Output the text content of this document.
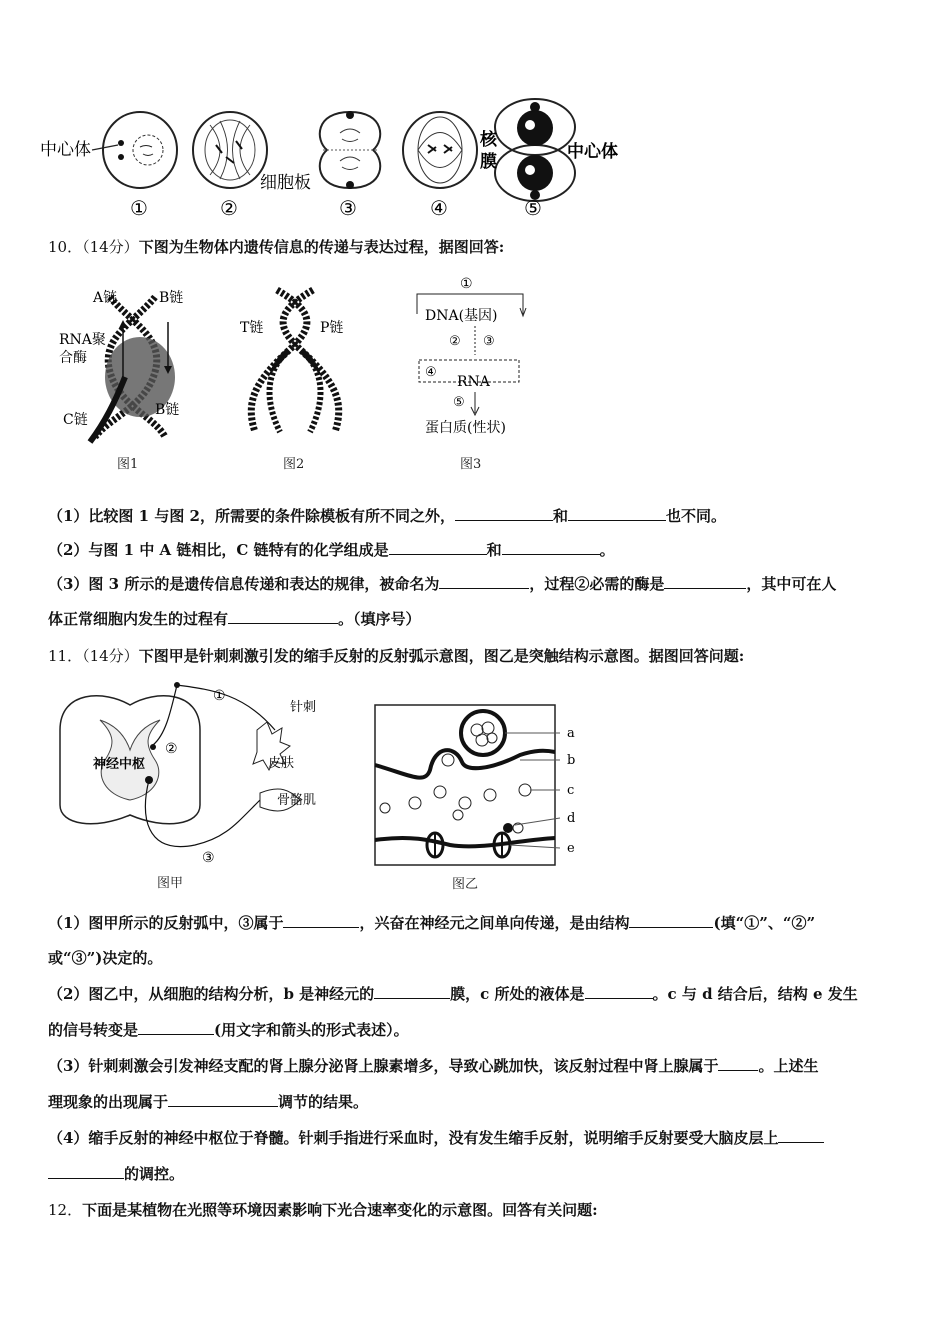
中心体
细胞板
核
膜	中心体
①	②	③	④	⑤
10．（14分）下图为生物体内遗传信息的传递与表达过程，据图回答:
A链	B链
RNA聚
合酶
C链
B链
图1
T链	P链
图2
①
DNA(基因)
② ③
④
RNA
⑤
蛋白质(性状)
图3
（1）比较图 1 与图 2，所需要的条件除模板有所不同之外，	和	也不同。
（2）与图 1 中 A 链相比，C 链特有的化学组成是	和	。
（3）图 3 所示的是遗传信息传递和表达的规律，被命名为	，过程②必需的酶是	，其中可在人
体正常细胞内发生的过程有	。（填序号）
11．（14分）下图甲是针刺刺激引发的缩手反射的反射弧示意图，图乙是突触结构示意图。据图回答问题:
①
②
③
神经中枢
针刺
皮肤
骨骼肌
图甲
a
b
c
d
e
图乙
（1）图甲所示的反射弧中，③属于	，兴奋在神经元之间单向传递，是由结构	(填“①”、“②”
或“③”)决定的。
（2）图乙中，从细胞的结构分析，b 是神经元的	膜，c 所处的液体是	。c 与 d 结合后，结构 e 发生
的信号转变是	(用文字和箭头的形式表述）。
（3）针刺刺激会引发神经支配的肾上腺分泌肾上腺素增多，导致心跳加快，该反射过程中肾上腺属于	。上述生
理现象的出现属于	调节的结果。
（4）缩手反射的神经中枢位于脊髓。针刺手指进行采血时，没有发生缩手反射，说明缩手反射要受大脑皮层上
的调控。
12．下面是某植物在光照等环境因素影响下光合速率变化的示意图。回答有关问题:
